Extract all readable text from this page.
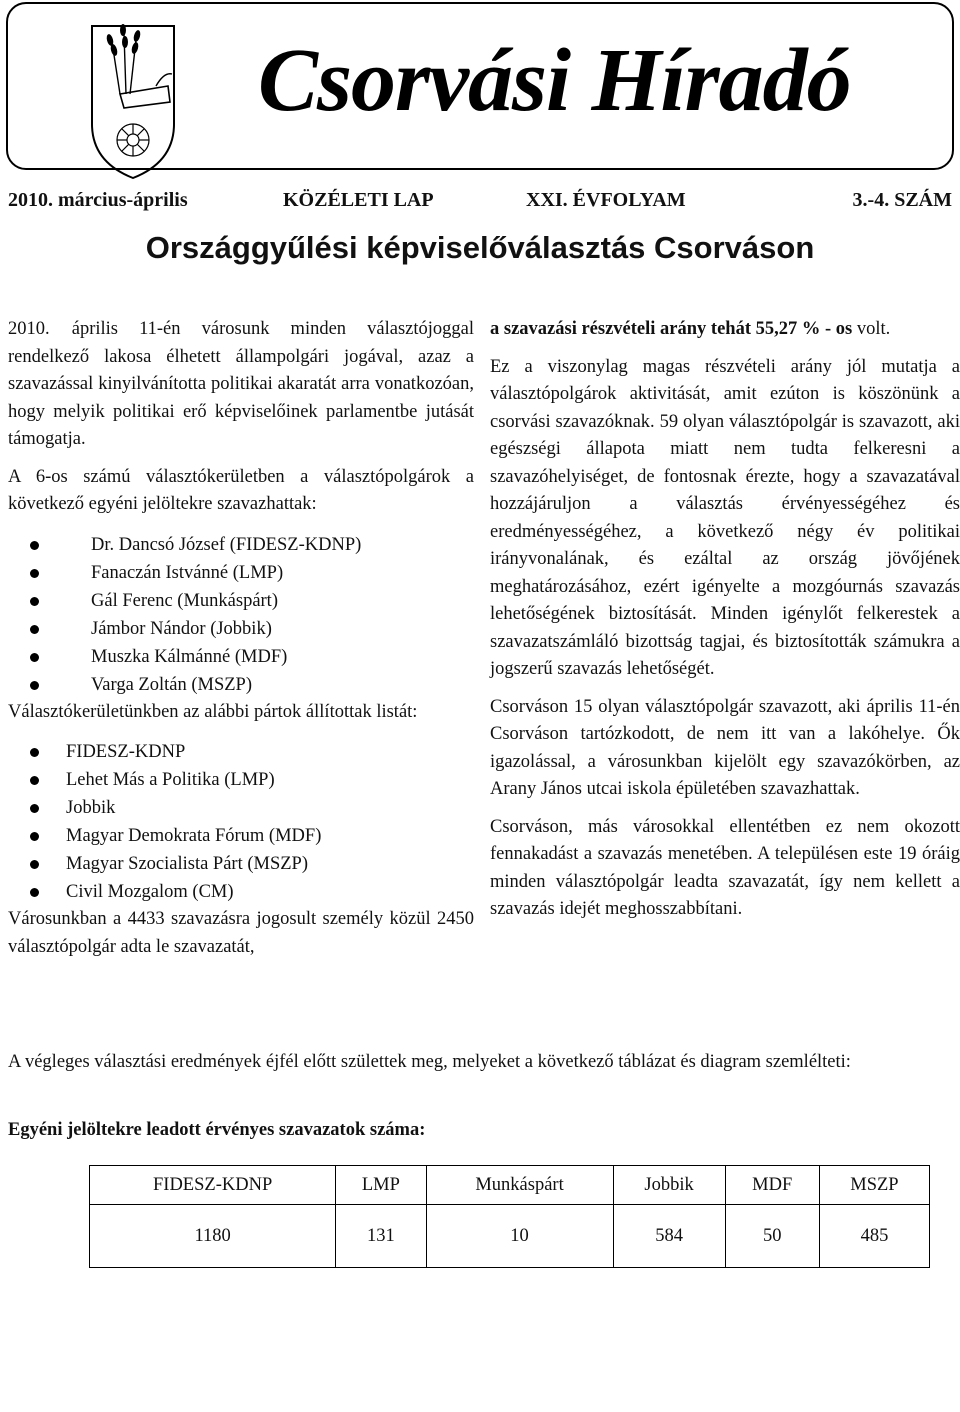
Csorvási Híradó
2010. március-április	KÖZÉLETI LAP	XXI. ÉVFOLYAM	3.-4. SZÁM
Országgyűlési képviselőválasztás Csorváson

2010. április 11-én városunk minden választójoggal rendelkező lakosa élhetett állampolgári jogával, azaz a szavazással kinyilvánította politikai akaratát arra vonatkozóan, hogy melyik politikai erő képviselőinek parlamentbe jutását támogatja.

A 6-os számú választókerületben a választópolgárok a következő egyéni jelöltekre szavazhattak:

Dr. Dancsó József (FIDESZ-KDNP)
Fanaczán Istvánné (LMP)
Gál Ferenc (Munkáspárt)
Jámbor Nándor (Jobbik)
Muszka Kálmánné (MDF)
Varga Zoltán (MSZP)

Választókerületünkben az alábbi pártok állítottak listát:

FIDESZ-KDNP
Lehet Más a Politika (LMP)
Jobbik
Magyar Demokrata Fórum (MDF)
Magyar Szocialista Párt (MSZP)
Civil Mozgalom (CM)

Városunkban a 4433 szavazásra jogosult személy közül 2450 választópolgár adta le szavazatát,

a szavazási részvételi arány tehát 55,27 % - os volt.

Ez a viszonylag magas részvételi arány jól mutatja a választópolgárok aktivitását, amit ezúton is köszönünk a csorvási szavazóknak. 59 olyan választópolgár is szavazott, aki egészségi állapota miatt nem tudta felkeresni a szavazóhelyiséget, de fontosnak érezte, hogy a szavazatával hozzájáruljon a választás érvényességéhez és eredményességéhez, a következő négy év politikai irányvonalának, és ezáltal az ország jövőjének meghatározásához, ezért igényelte a mozgóurnás szavazás lehetőségének biztosítását. Minden igénylőt felkerestek a szavazatszámláló bizottság tagjai, és biztosították számukra a jogszerű szavazás lehetőségét.

Csorváson 15 olyan választópolgár szavazott, aki április 11-én Csorváson tartózkodott, de nem itt van a lakóhelye. Ők igazolással, a városunkban kijelölt egy szavazókörben, az Arany János utcai iskola épületében szavazhattak.

Csorváson, más városokkal ellentétben ez nem okozott fennakadást a szavazás menetében. A településen este 19 óráig minden választópolgár leadta szavazatát, így nem kellett a szavazás idejét meghosszabbítani.

A végleges választási eredmények éjfél előtt születtek meg, melyeket a következő táblázat és diagram szemlélteti:

Egyéni jelöltekre leadott érvényes szavazatok száma:

FIDESZ-KDNP	LMP	Munkáspárt	Jobbik	MDF	MSZP
1180	131	10	584	50	485
